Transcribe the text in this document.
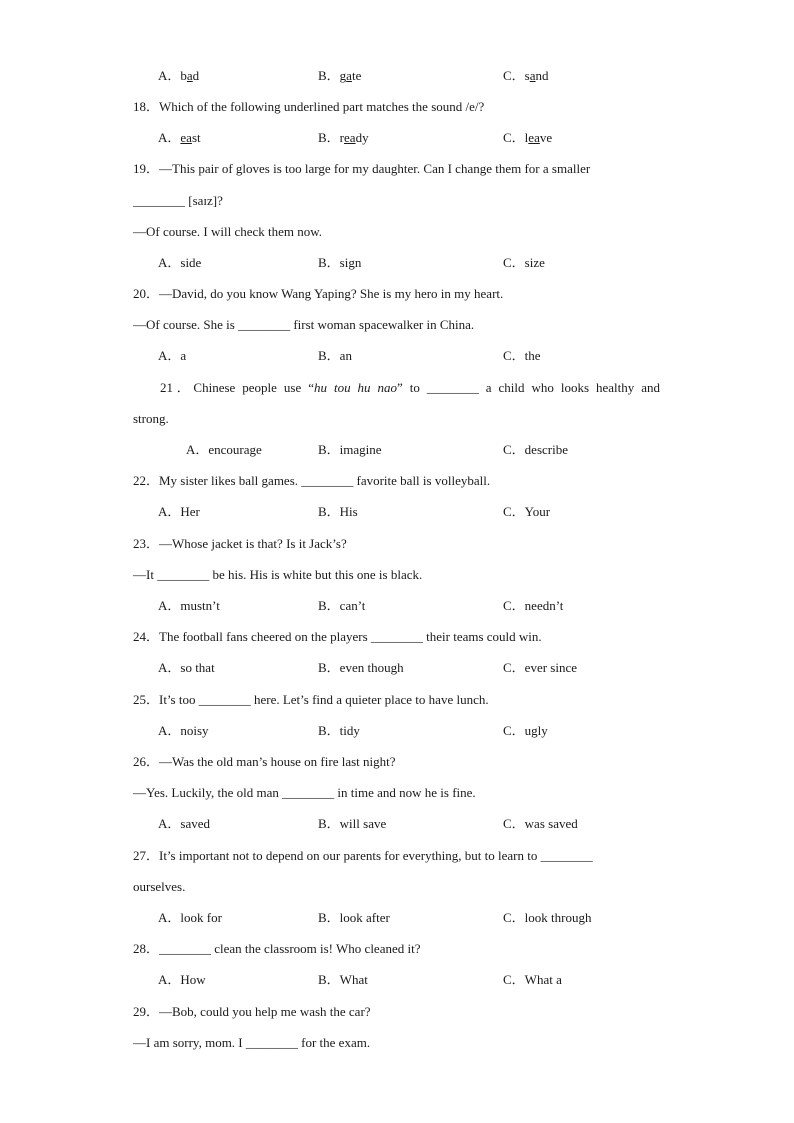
A．bad	B．gate	C．sand
18．Which of the following underlined part matches the sound /e/?
A．east	B．ready	C．leave
19．—This pair of gloves is too large for my daughter. Can I change them for a smaller
________ [saɪz]?
—Of course. I will check them now.
A．side	B．sign	C．size
20．—David, do you know Wang Yaping? She is my hero in my heart.
—Of course. She is ________ first woman spacewalker in China.
A．a	B．an	C．the
21．Chinese people use “hu tou hu nao” to ________ a child who looks healthy and
strong.
A．encourage	B．imagine	C．describe
22．My sister likes ball games. ________ favorite ball is volleyball.
A．Her	B．His	C．Your
23．—Whose jacket is that? Is it Jack’s?
—It ________ be his. His is white but this one is black.
A．mustn’t	B．can’t	C．needn’t
24．The football fans cheered on the players ________ their teams could win.
A．so that	B．even though	C．ever since
25．It’s too ________ here. Let’s find a quieter place to have lunch.
A．noisy	B．tidy	C．ugly
26．—Was the old man’s house on fire last night?
—Yes. Luckily, the old man ________ in time and now he is fine.
A．saved	B．will save	C．was saved
27．It’s important not to depend on our parents for everything, but to learn to ________
ourselves.
A．look for	B．look after	C．look through
28．________ clean the classroom is! Who cleaned it?
A．How	B．What	C．What a
29．—Bob, could you help me wash the car?
—I am sorry, mom. I ________ for the exam.
